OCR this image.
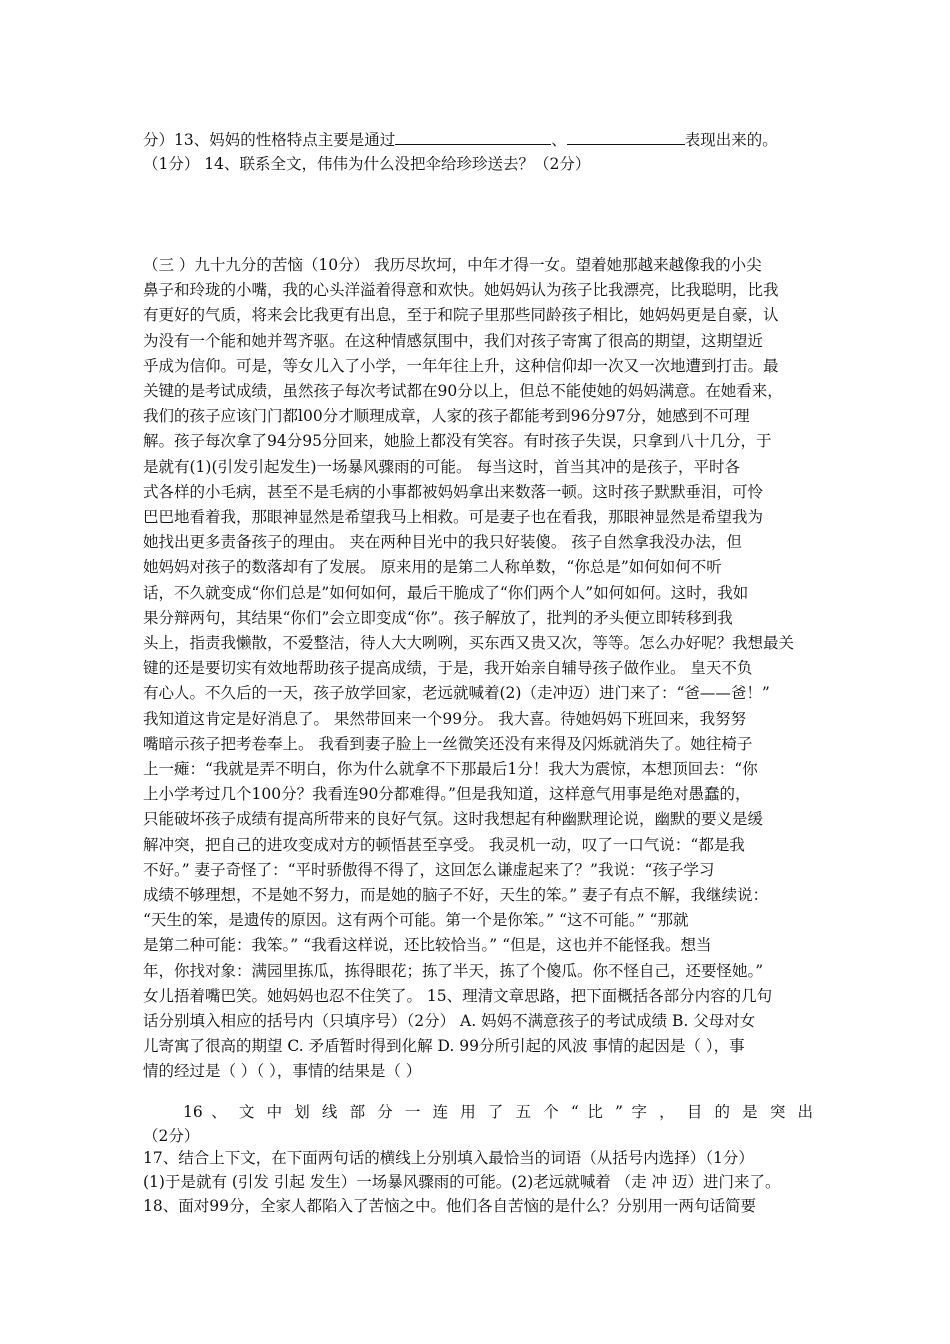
分）13、妈妈的性格特点主要是通过	、	表现出来的。
（1分） 14、联系全文，伟伟为什么没把伞给珍珍送去？（2分）
（三 ）九十九分的苦恼（10分） 我历尽坎坷，中年才得一女。望着她那越来越像我的小尖
鼻子和玲珑的小嘴，我的心头洋溢着得意和欢快。她妈妈认为孩子比我漂亮，比我聪明，比我
有更好的气质，将来会比我更有出息，至于和院子里那些同龄孩子相比，她妈妈更是自豪，认
为没有一个能和她并驾齐驱。在这种情感氛围中，我们对孩子寄寓了很高的期望，这期望近
乎成为信仰。可是，等女儿入了小学，一年年往上升，这种信仰却一次又一次地遭到打击。最
关键的是考试成绩，虽然孩子每次考试都在90分以上，但总不能使她的妈妈满意。在她看来，
我们的孩子应该门门都l00分才顺理成章，人家的孩子都能考到96分97分，她感到不可理
解。孩子每次拿了94分95分回来，她脸上都没有笑容。有时孩子失误，只拿到八十几分，于
是就有(1)(引发引起发生)一场暴风骤雨的可能。 每当这时，首当其冲的是孩子，平时各
式各样的小毛病，甚至不是毛病的小事都被妈妈拿出来数落一顿。这时孩子默默垂泪，可怜
巴巴地看着我，那眼神显然是希望我马上相救。可是妻子也在看我，那眼神显然是希望我为
她找出更多责备孩子的理由。 夹在两种目光中的我只好装傻。 孩子自然拿我没办法，但
她妈妈对孩子的数落却有了发展。 原来用的是第二人称单数，“你总是”如何如何不听
话，不久就变成“你们总是”如何如何，最后干脆成了“你们两个人”如何如何。这时，我如
果分辩两句，其结果“你们”会立即变成“你”。孩子解放了，批判的矛头便立即转移到我
头上，指责我懒散，不爱整洁，待人大大咧咧，买东西又贵又次，等等。怎么办好呢？我想最关
键的还是要切实有效地帮助孩子提高成绩，于是，我开始亲自辅导孩子做作业。 皇天不负
有心人。不久后的一天，孩子放学回家，老远就喊着(2)（走冲迈）进门来了：“爸——爸！”
我知道这肯定是好消息了。 果然带回来一个99分。 我大喜。待她妈妈下班回来，我努努
嘴暗示孩子把考卷奉上。 我看到妻子脸上一丝微笑还没有来得及闪烁就消失了。她往椅子
上一瘫：“我就是弄不明白，你为什么就拿不下那最后1分！我大为震惊，本想顶回去：“你
上小学考过几个100分？我看连90分都难得。”但是我知道，这样意气用事是绝对愚蠢的，
只能破坏孩子成绩有提高所带来的良好气氛。这时我想起有种幽默理论说，幽默的要义是缓
解冲突，把自己的进攻变成对方的顿悟甚至享受。 我灵机一动，叹了一口气说：“都是我
不好。” 妻子奇怪了：“平时骄傲得不得了，这回怎么谦虚起来了？”我说：“孩子学习
成绩不够理想，不是她不努力，而是她的脑子不好，天生的笨。” 妻子有点不解，我继续说：
“天生的笨，是遗传的原因。这有两个可能。第一个是你笨。” “这不可能。” “那就
是第二种可能：我笨。” “我看这样说，还比较恰当。” “但是，这也并不能怪我。想当
年，你找对象：满园里拣瓜，拣得眼花；拣了半天，拣了个傻瓜。你不怪自己，还要怪她。”
女儿捂着嘴巴笑。她妈妈也忍不住笑了。 15、理清文章思路，把下面概括各部分内容的几句
话分别填入相应的括号内（只填序号）（2分） A. 妈妈不满意孩子的考试成绩 B. 父母对女
儿寄寓了很高的期望 C. 矛盾暂时得到化解 D. 99分所引起的风波 事情的起因是（ ），事
情的经过是（ ）（ ），事情的结果是（ ）
16 、 文 中 划 线 部 分 一 连 用 了 五 个 “ 比 ” 字 ， 目 的 是 突 出
（2分）
17、结合上下文，在下面两句话的横线上分别填入最恰当的词语（从括号内选择）（1分）
(1)于是就有 (引发 引起 发生）一场暴风骤雨的可能。(2)老远就喊着 （走 冲 迈）进门来了。
18、面对99分，全家人都陷入了苦恼之中。他们各自苦恼的是什么？分别用一两句话简要
